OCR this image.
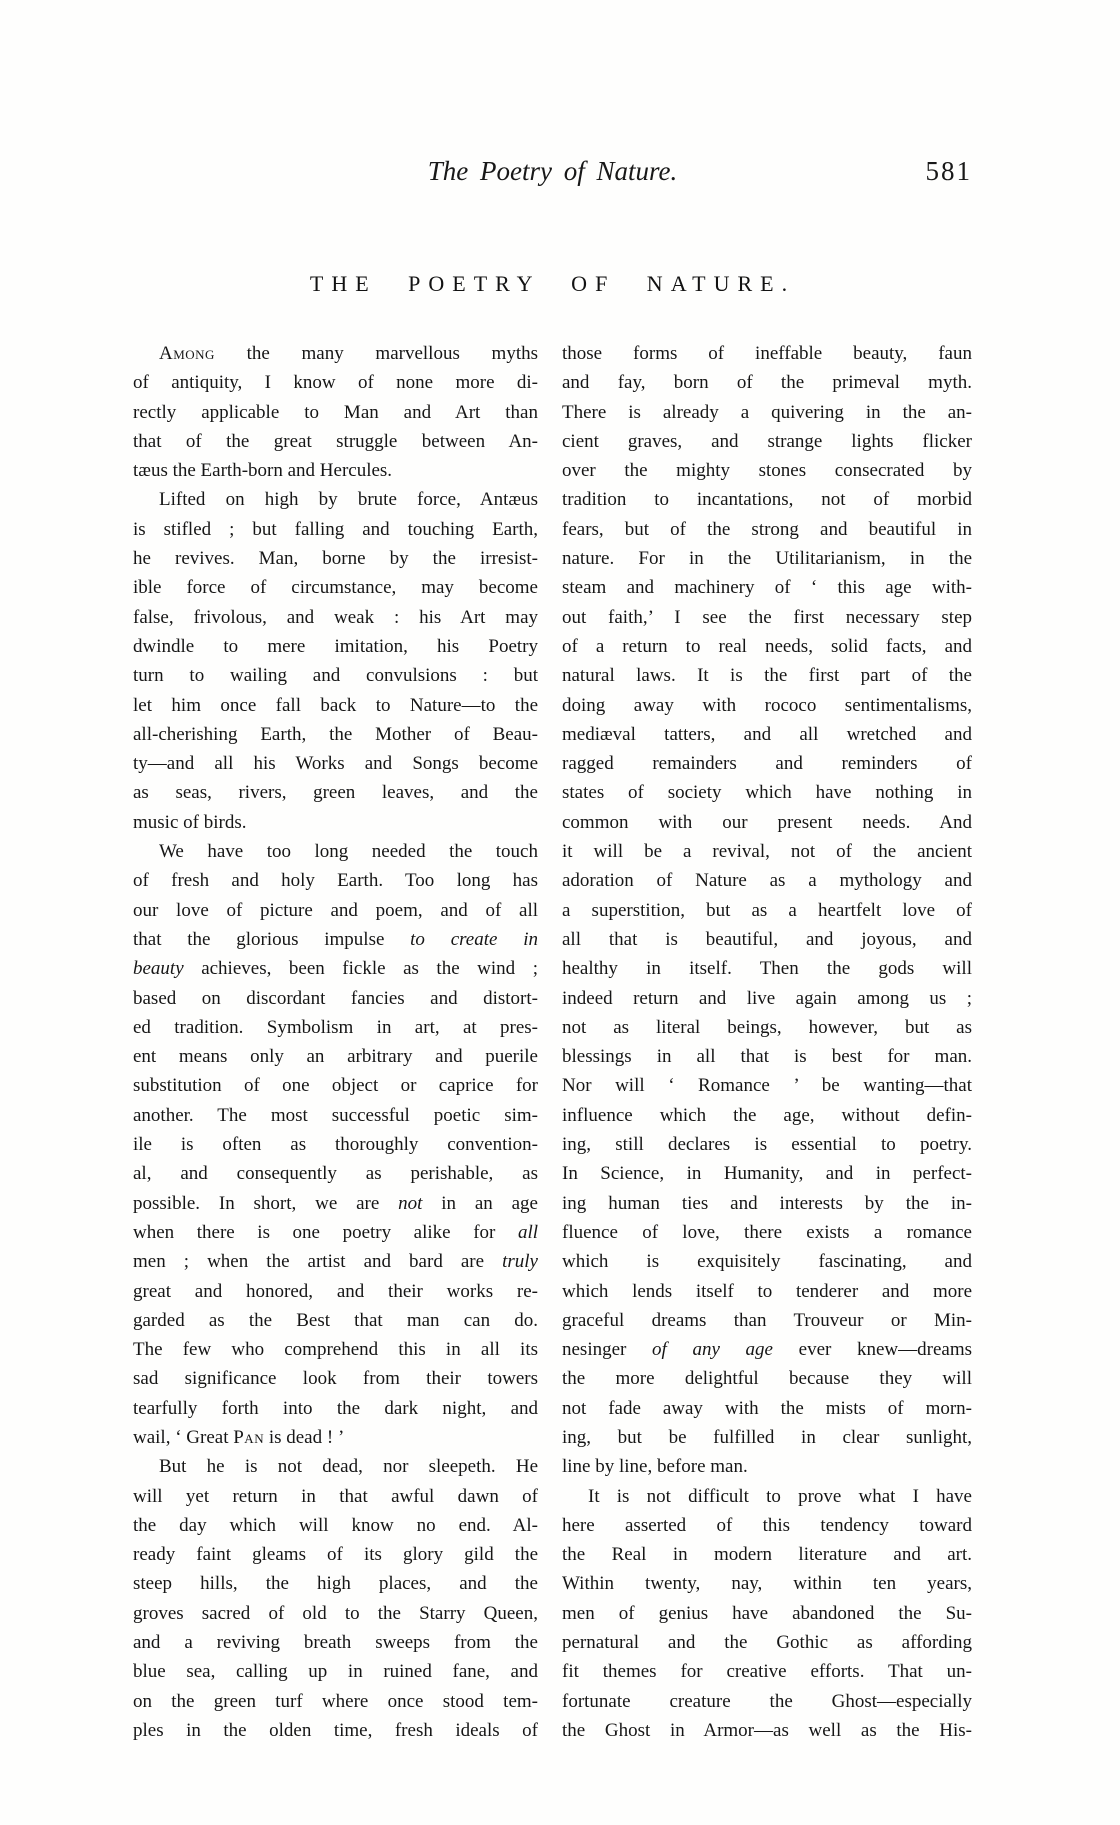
The Poetry of Nature.	581
THE POETRY OF NATURE.
Among the many marvellous myths
of antiquity, I know of none more di-
rectly applicable to Man and Art than
that of the great struggle between An-
tæus the Earth-born and Hercules.
Lifted on high by brute force, Antæus
is stifled ; but falling and touching Earth,
he revives. Man, borne by the irresist-
ible force of circumstance, may become
false, frivolous, and weak : his Art may
dwindle to mere imitation, his Poetry
turn to wailing and convulsions : but
let him once fall back to Nature—to the
all-cherishing Earth, the Mother of Beau-
ty—and all his Works and Songs become
as seas, rivers, green leaves, and the
music of birds.
We have too long needed the touch
of fresh and holy Earth. Too long has
our love of picture and poem, and of all
that the glorious impulse to create in
beauty achieves, been fickle as the wind ;
based on discordant fancies and distort-
ed tradition. Symbolism in art, at pres-
ent means only an arbitrary and puerile
substitution of one object or caprice for
another. The most successful poetic sim-
ile is often as thoroughly convention-
al, and consequently as perishable, as
possible. In short, we are not in an age
when there is one poetry alike for all
men ; when the artist and bard are truly
great and honored, and their works re-
garded as the Best that man can do.
The few who comprehend this in all its
sad significance look from their towers
tearfully forth into the dark night, and
wail, ‘ Great Pan is dead ! ’
But he is not dead, nor sleepeth. He
will yet return in that awful dawn of
the day which will know no end. Al-
ready faint gleams of its glory gild the
steep hills, the high places, and the
groves sacred of old to the Starry Queen,
and a reviving breath sweeps from the
blue sea, calling up in ruined fane, and
on the green turf where once stood tem-
ples in the olden time, fresh ideals of
those forms of ineffable beauty, faun
and fay, born of the primeval myth.
There is already a quivering in the an-
cient graves, and strange lights flicker
over the mighty stones consecrated by
tradition to incantations, not of morbid
fears, but of the strong and beautiful in
nature. For in the Utilitarianism, in the
steam and machinery of ‘ this age with-
out faith,’ I see the first necessary step
of a return to real needs, solid facts, and
natural laws. It is the first part of the
doing away with rococo sentimentalisms,
mediæval tatters, and all wretched and
ragged remainders and reminders of
states of society which have nothing in
common with our present needs. And
it will be a revival, not of the ancient
adoration of Nature as a mythology and
a superstition, but as a heartfelt love of
all that is beautiful, and joyous, and
healthy in itself. Then the gods will
indeed return and live again among us ;
not as literal beings, however, but as
blessings in all that is best for man.
Nor will ‘ Romance ’ be wanting—that
influence which the age, without defin-
ing, still declares is essential to poetry.
In Science, in Humanity, and in perfect-
ing human ties and interests by the in-
fluence of love, there exists a romance
which is exquisitely fascinating, and
which lends itself to tenderer and more
graceful dreams than Trouveur or Min-
nesinger of any age ever knew—dreams
the more delightful because they will
not fade away with the mists of morn-
ing, but be fulfilled in clear sunlight,
line by line, before man.
It is not difficult to prove what I have
here asserted of this tendency toward
the Real in modern literature and art.
Within twenty, nay, within ten years,
men of genius have abandoned the Su-
pernatural and the Gothic as affording
fit themes for creative efforts. That un-
fortunate creature the Ghost—especially
the Ghost in Armor—as well as the His-
